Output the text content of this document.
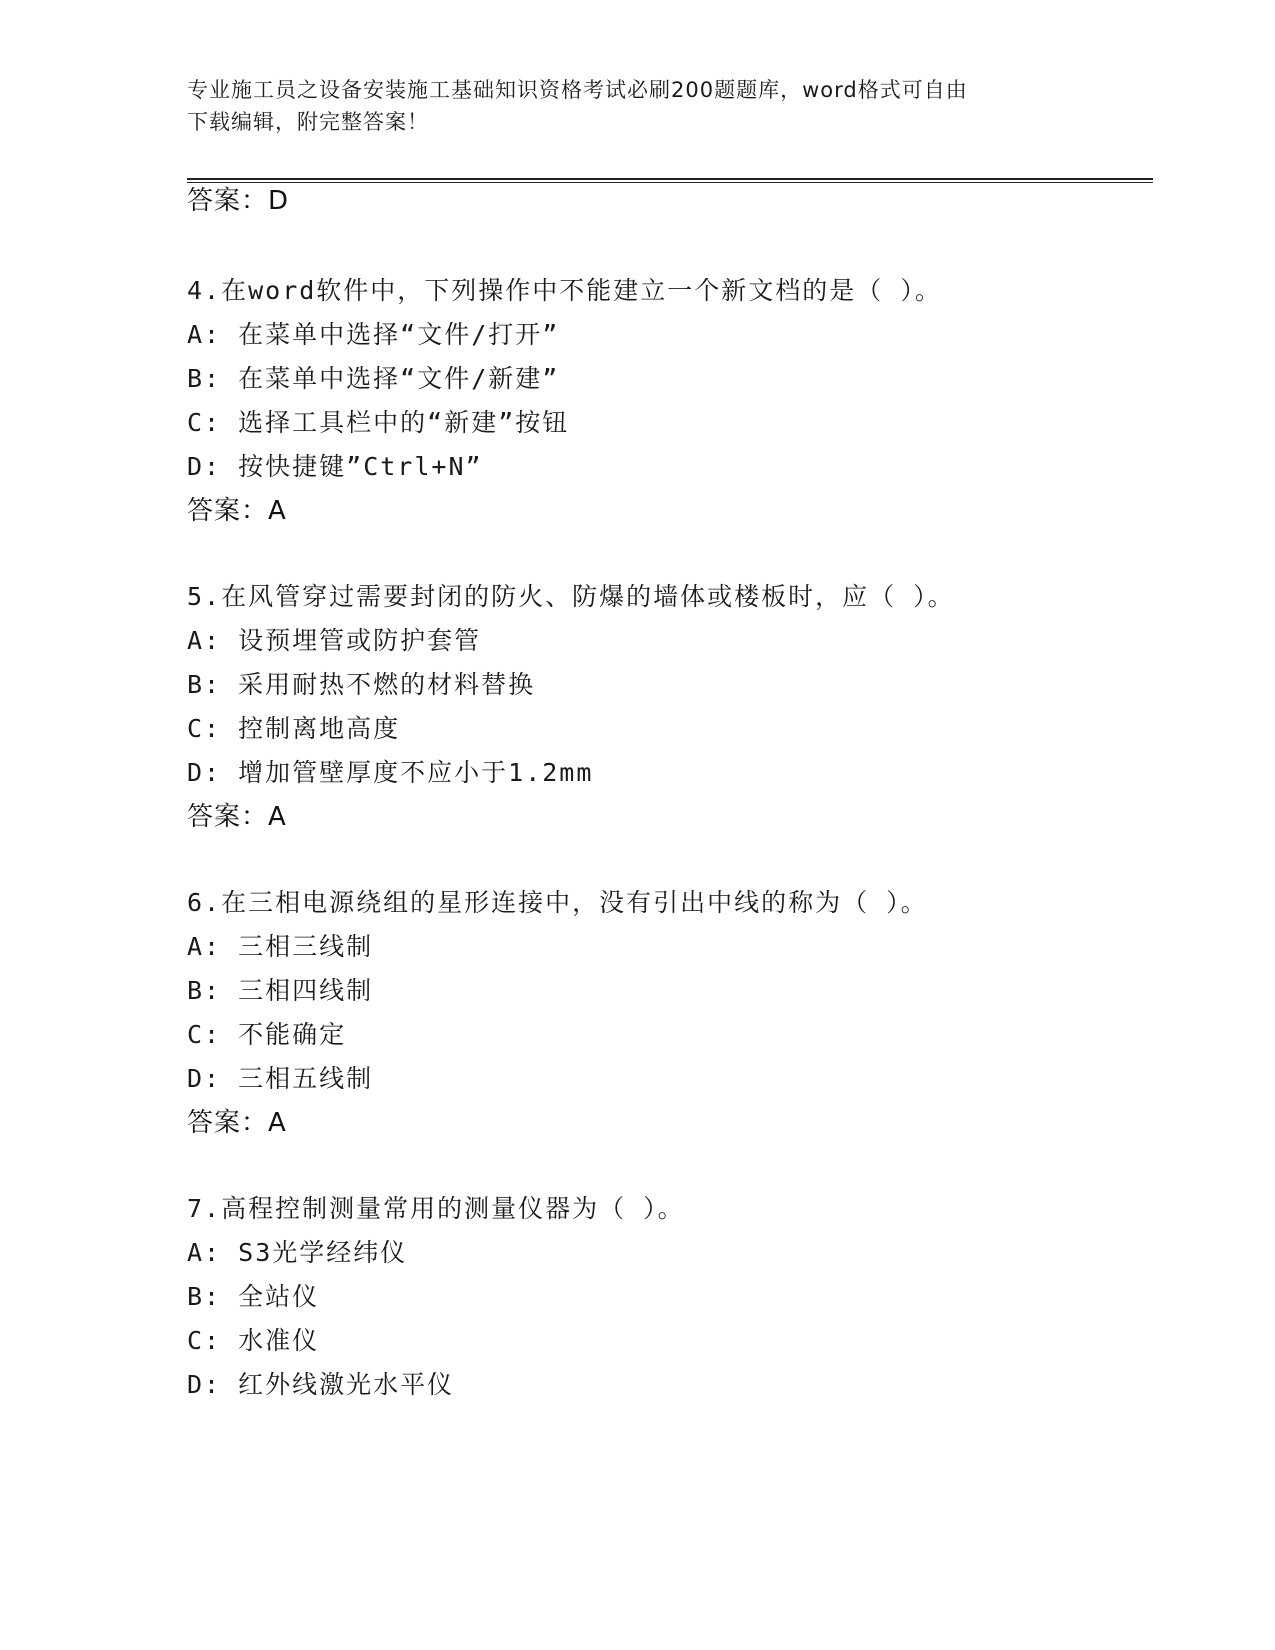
专业施工员之设备安装施工基础知识资格考试必刷200题题库，word格式可自由
下载编辑，附完整答案！
答案：D
4.在word软件中，下列操作中不能建立一个新文档的是（ ）。
A: 在菜单中选择“文件/打开”
B: 在菜单中选择“文件/新建”
C: 选择工具栏中的“新建”按钮
D: 按快捷键”Ctrl+N”
答案：A
5.在风管穿过需要封闭的防火、防爆的墙体或楼板时，应（ ）。
A: 设预埋管或防护套管
B: 采用耐热不燃的材料替换
C: 控制离地高度
D: 增加管壁厚度不应小于1.2mm
答案：A
6.在三相电源绕组的星形连接中，没有引出中线的称为（ ）。
A: 三相三线制
B: 三相四线制
C: 不能确定
D: 三相五线制
答案：A
7.高程控制测量常用的测量仪器为（ ）。
A: S3光学经纬仪
B: 全站仪
C: 水准仪
D: 红外线激光水平仪
